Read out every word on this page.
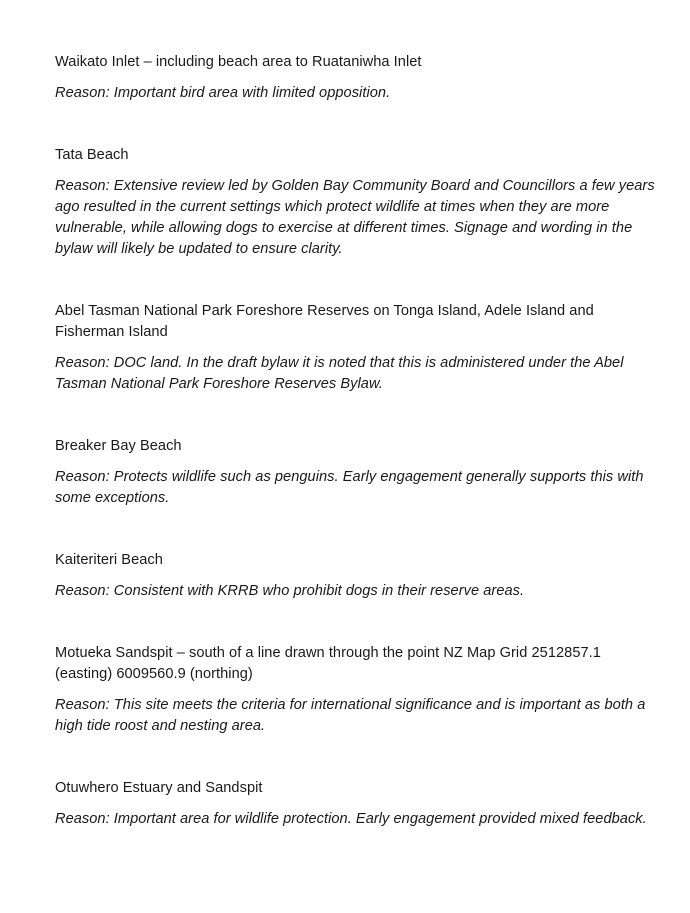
Waikato Inlet – including beach area to Ruataniwha Inlet

Reason: Important bird area with limited opposition.

Tata Beach

Reason: Extensive review led by Golden Bay Community Board and Councillors a few years ago resulted in the current settings which protect wildlife at times when they are more vulnerable, while allowing dogs to exercise at different times. Signage and wording in the bylaw will likely be updated to ensure clarity.

Abel Tasman National Park Foreshore Reserves on Tonga Island, Adele Island and Fisherman Island

Reason: DOC land. In the draft bylaw it is noted that this is administered under the Abel Tasman National Park Foreshore Reserves Bylaw.

Breaker Bay Beach

Reason: Protects wildlife such as penguins. Early engagement generally supports this with some exceptions.

Kaiteriteri Beach

Reason: Consistent with KRRB who prohibit dogs in their reserve areas.

Motueka Sandspit – south of a line drawn through the point NZ Map Grid 2512857.1 (easting) 6009560.9 (northing)

Reason: This site meets the criteria for international significance and is important as both a high tide roost and nesting area.

Otuwhero Estuary and Sandspit

Reason: Important area for wildlife protection. Early engagement provided mixed feedback.
